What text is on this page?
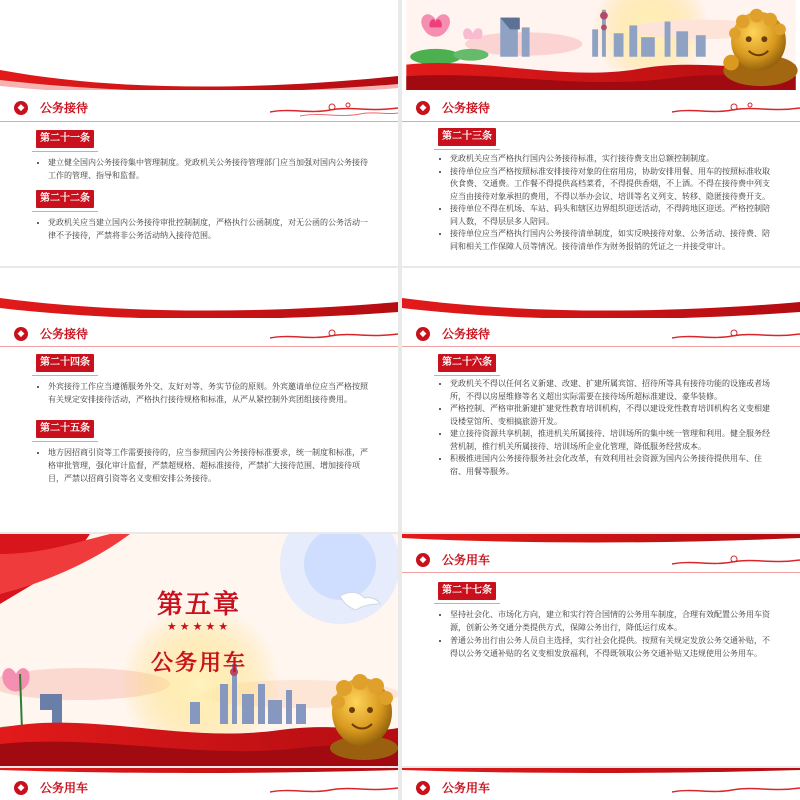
◆ 公务接待
第二十一条
• 建立健全国内公务接待集中管理制度。党政机关公务接待管理部门应当加强对国内公务接待工作的管理、指导和监督。
第二十二条
• 党政机关应当建立国内公务接待审批控制制度，严格执行公函制度，对无公函的公务活动一律不予接待，严禁将非公务活动纳入接待范围。
◆ 公务接待
第二十三条
• 党政机关应当严格执行国内公务接待标准，实行接待费支出总额控制制度。
• 接待单位应当严格按照标准安排接待对象的住宿用房，协助安排用餐、用车的按照标准收取伙食费、交通费。工作餐不得提供高档菜肴，不得提供香烟，不上酒。不得在接待费中列支应当由接待对象承担的费用，不得以举办会议、培训等名义列支、转移、隐匿接待费开支。
• 接待单位不得在机场、车站、码头和辖区边界组织迎送活动，不得跨地区迎送。严格控制陪同人数，不得层层多人陪同。
• 接待单位应当严格执行国内公务接待清单制度，如实反映接待对象、公务活动、接待费、陪同和相关工作保障人员等情况。接待清单作为财务报销的凭证之一并接受审计。
◆ 公务接待
第二十四条
• 外宾接待工作应当遵循服务外交、友好对等、务实节俭的原则。外宾邀请单位应当严格按照有关规定安排接待活动，严格执行接待规格和标准，从严从紧控制外宾团组接待费用。
第二十五条
• 地方因招商引资等工作需要接待的，应当参照国内公务接待标准要求，统一制度和标准，严格审批管理，强化审计监督，严禁超规格、超标准接待，严禁扩大接待范围、增加接待项目，严禁以招商引资等名义变相安排公务接待。
◆ 公务接待
第二十六条
• 党政机关不得以任何名义新建、改建、扩建所属宾馆、招待所等具有接待功能的设施或者场所，不得以房屋维修等名义超出实际需要在接待场所超标准建设、豪华装修。
• 严格控制、严格审批新建扩建党性教育培训机构，不得以建设党性教育培训机构名义变相建设楼堂馆所、变相搞旅游开发。
• 建立接待资源共享机制，推进机关所属接待、培训场所的集中统一管理和利用。健全服务经营机制，推行机关所属接待、培训场所企业化管理，降低服务经营成本。
• 积极推进国内公务接待服务社会化改革，有效利用社会资源为国内公务接待提供用车、住宿、用餐等服务。
第五章
★★★★★
公务用车
◆ 公务用车
第二十七条
• 坚持社会化、市场化方向，建立和实行符合国情的公务用车制度，合理有效配置公务用车资源，创新公务交通分类提供方式，保障公务出行，降低运行成本。
• 普通公务出行由公务人员自主选择，实行社会化提供。按照有关规定发放公务交通补贴，不得以公务交通补贴的名义变相发放福利，不得既领取公务交通补贴又违规使用公务用车。
◆ 公务用车	◆ 公务用车
